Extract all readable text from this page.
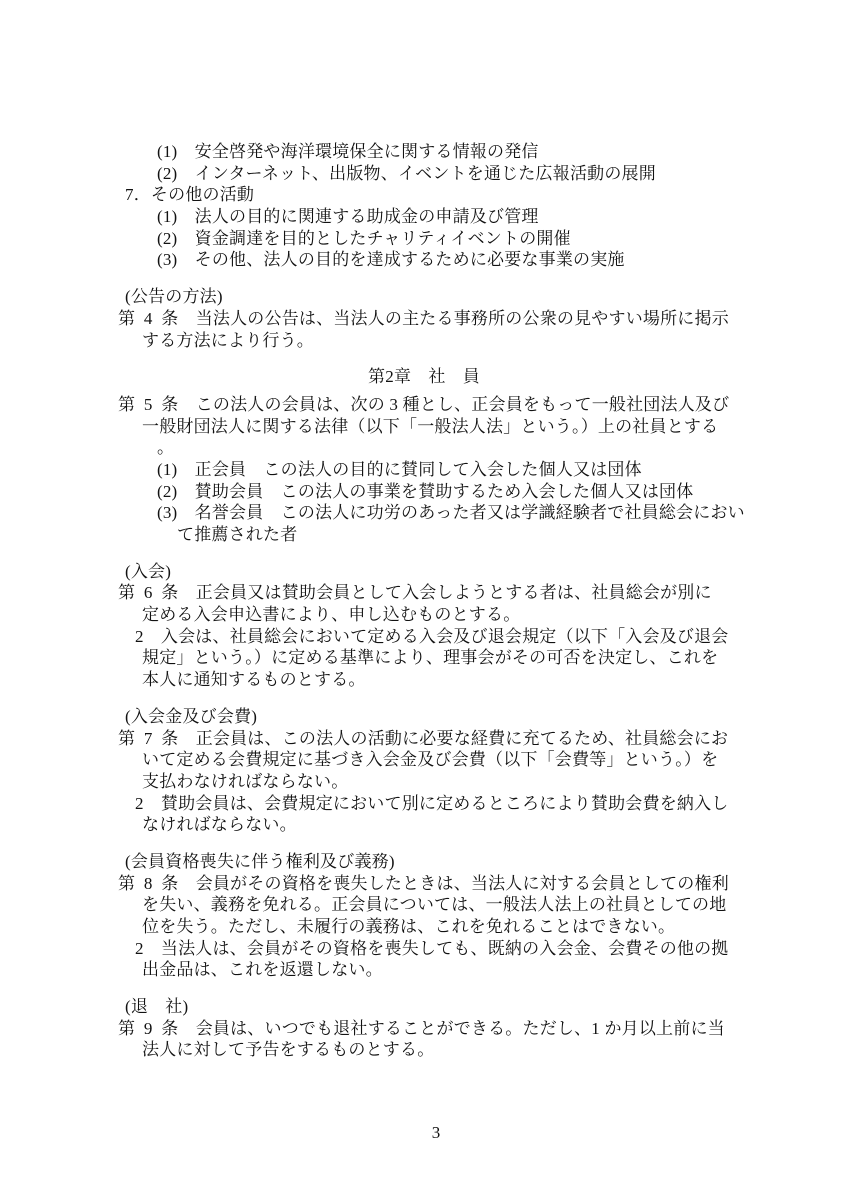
(1)　安全啓発や海洋環境保全に関する情報の発信
(2)　インターネット、出版物、イベントを通じた広報活動の展開
7．その他の活動
(1)　法人の目的に関連する助成金の申請及び管理
(2)　資金調達を目的としたチャリティイベントの開催
(3)　その他、法人の目的を達成するために必要な事業の実施
(公告の方法)
第 4 条　当法人の公告は、当法人の主たる事務所の公衆の見やすい場所に掲示
する方法により行う。
第2章　社　員
第 5 条　この法人の会員は、次の 3 種とし、正会員をもって一般社団法人及び
一般財団法人に関する法律（以下「一般法人法」という。）上の社員とする
。
(1)　正会員　この法人の目的に賛同して入会した個人又は団体
(2)　賛助会員　この法人の事業を賛助するため入会した個人又は団体
(3)　名誉会員　この法人に功労のあった者又は学識経験者で社員総会におい
て推薦された者
(入会)
第 6 条　正会員又は賛助会員として入会しようとする者は、社員総会が別に
定める入会申込書により、申し込むものとする。
2　入会は、社員総会において定める入会及び退会規定（以下「入会及び退会
規定」という。）に定める基準により、理事会がその可否を決定し、これを
本人に通知するものとする。
(入会金及び会費)
第 7 条　正会員は、この法人の活動に必要な経費に充てるため、社員総会にお
いて定める会費規定に基づき入会金及び会費（以下「会費等」という。）を
支払わなければならない。
2　賛助会員は、会費規定において別に定めるところにより賛助会費を納入し
なければならない。
(会員資格喪失に伴う権利及び義務)
第 8 条　会員がその資格を喪失したときは、当法人に対する会員としての権利
を失い、義務を免れる。正会員については、一般法人法上の社員としての地
位を失う。ただし、未履行の義務は、これを免れることはできない。
2　当法人は、会員がその資格を喪失しても、既納の入会金、会費その他の拠
出金品は、これを返還しない。
(退　社)
第 9 条　会員は、いつでも退社することができる。ただし、1 か月以上前に当
法人に対して予告をするものとする。
3
